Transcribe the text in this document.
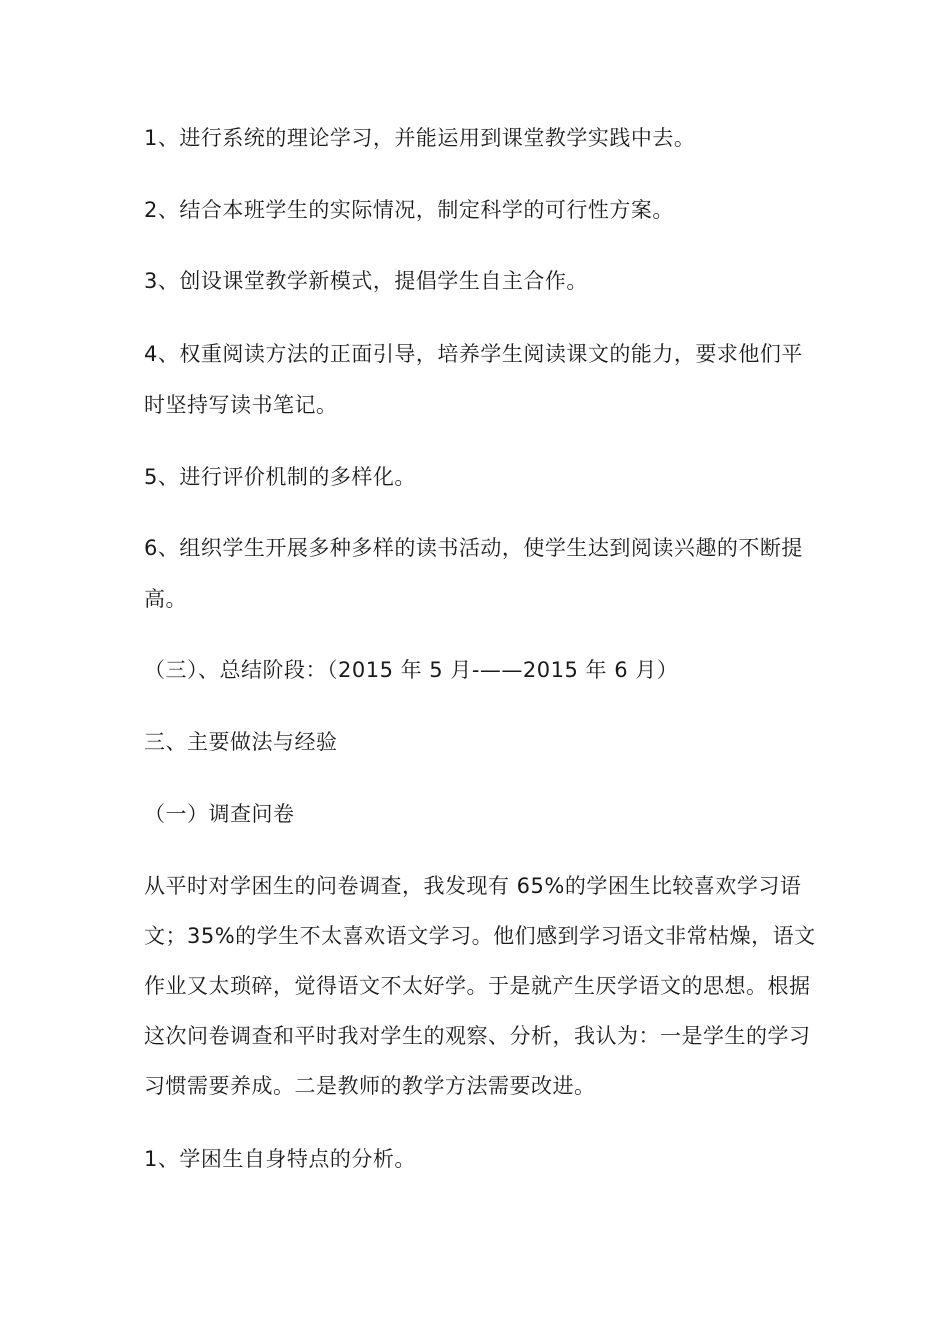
1、进行系统的理论学习，并能运用到课堂教学实践中去。
2、结合本班学生的实际情况，制定科学的可行性方案。
3、创设课堂教学新模式，提倡学生自主合作。
4、权重阅读方法的正面引导，培养学生阅读课文的能力，要求他们平
时坚持写读书笔记。
5、进行评价机制的多样化。
6、组织学生开展多种多样的读书活动，使学生达到阅读兴趣的不断提
高。
（三）、总结阶段：（2015 年 5 月-——2015 年 6 月）
三、主要做法与经验
（一）调查问卷
从平时对学困生的问卷调查，我发现有 65%的学困生比较喜欢学习语
文；35%的学生不太喜欢语文学习。他们感到学习语文非常枯燥，语文
作业又太琐碎，觉得语文不太好学。于是就产生厌学语文的思想。根据
这次问卷调查和平时我对学生的观察、分析，我认为：一是学生的学习
习惯需要养成。二是教师的教学方法需要改进。
1、学困生自身特点的分析。
